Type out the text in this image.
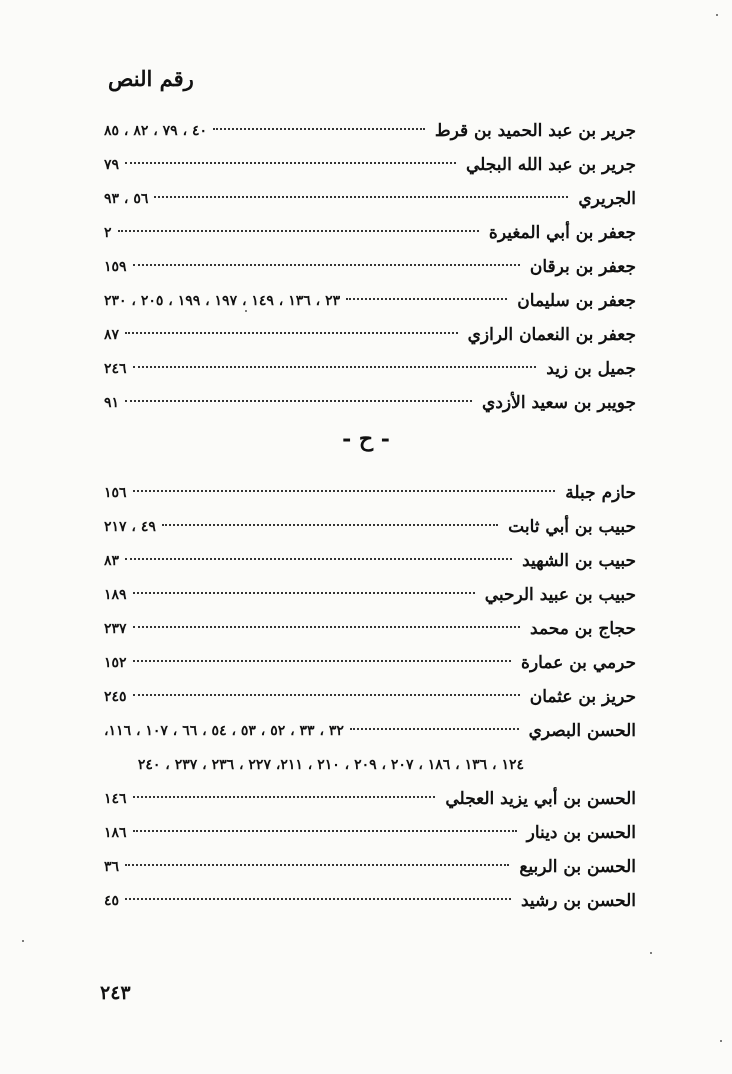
رقم النص
جرير بن عبد الحميد بن قرط
٤٠ ، ٧٩ ، ٨٢ ، ٨٥
جرير بن عبد الله البجلي
٧٩
الجريري
٥٦ ، ٩٣
جعفر بن أبي المغيرة
٢
جعفر بن برقان
١٥٩
جعفر بن سليمان
٢٣ ، ١٣٦ ، ١٤٩ ، ١٩٧ ، ١٩٩ ، ٢٠٥ ، ٢٣٠
جعفر بن النعمان الرازي
٨٧
جميل بن زيد
٢٤٦
جويبر بن سعيد الأزدي
٩١
- ح -
حازم جبلة
١٥٦
حبيب بن أبي ثابت
٤٩ ، ٢١٧
حبيب بن الشهيد
٨٣
حبيب بن عبيد الرحبي
١٨٩
حجاج بن محمد
٢٣٧
حرمي بن عمارة
١٥٢
حريز بن عثمان
٢٤٥
الحسن البصري
٣٢ ، ٣٣ ، ٥٢ ، ٥٣ ، ٥٤ ، ٦٦ ، ١٠٧ ، ١١٦،
١٢٤ ، ١٣٦ ، ١٨٦ ، ٢٠٧ ، ٢٠٩ ، ٢١٠ ، ٢١١، ٢٢٧ ، ٢٣٦ ، ٢٣٧ ، ٢٤٠
الحسن بن أبي يزيد العجلي
١٤٦
الحسن بن دينار
١٨٦
الحسن بن الربيع
٣٦
الحسن بن رشيد
٤٥
٢٤٣
